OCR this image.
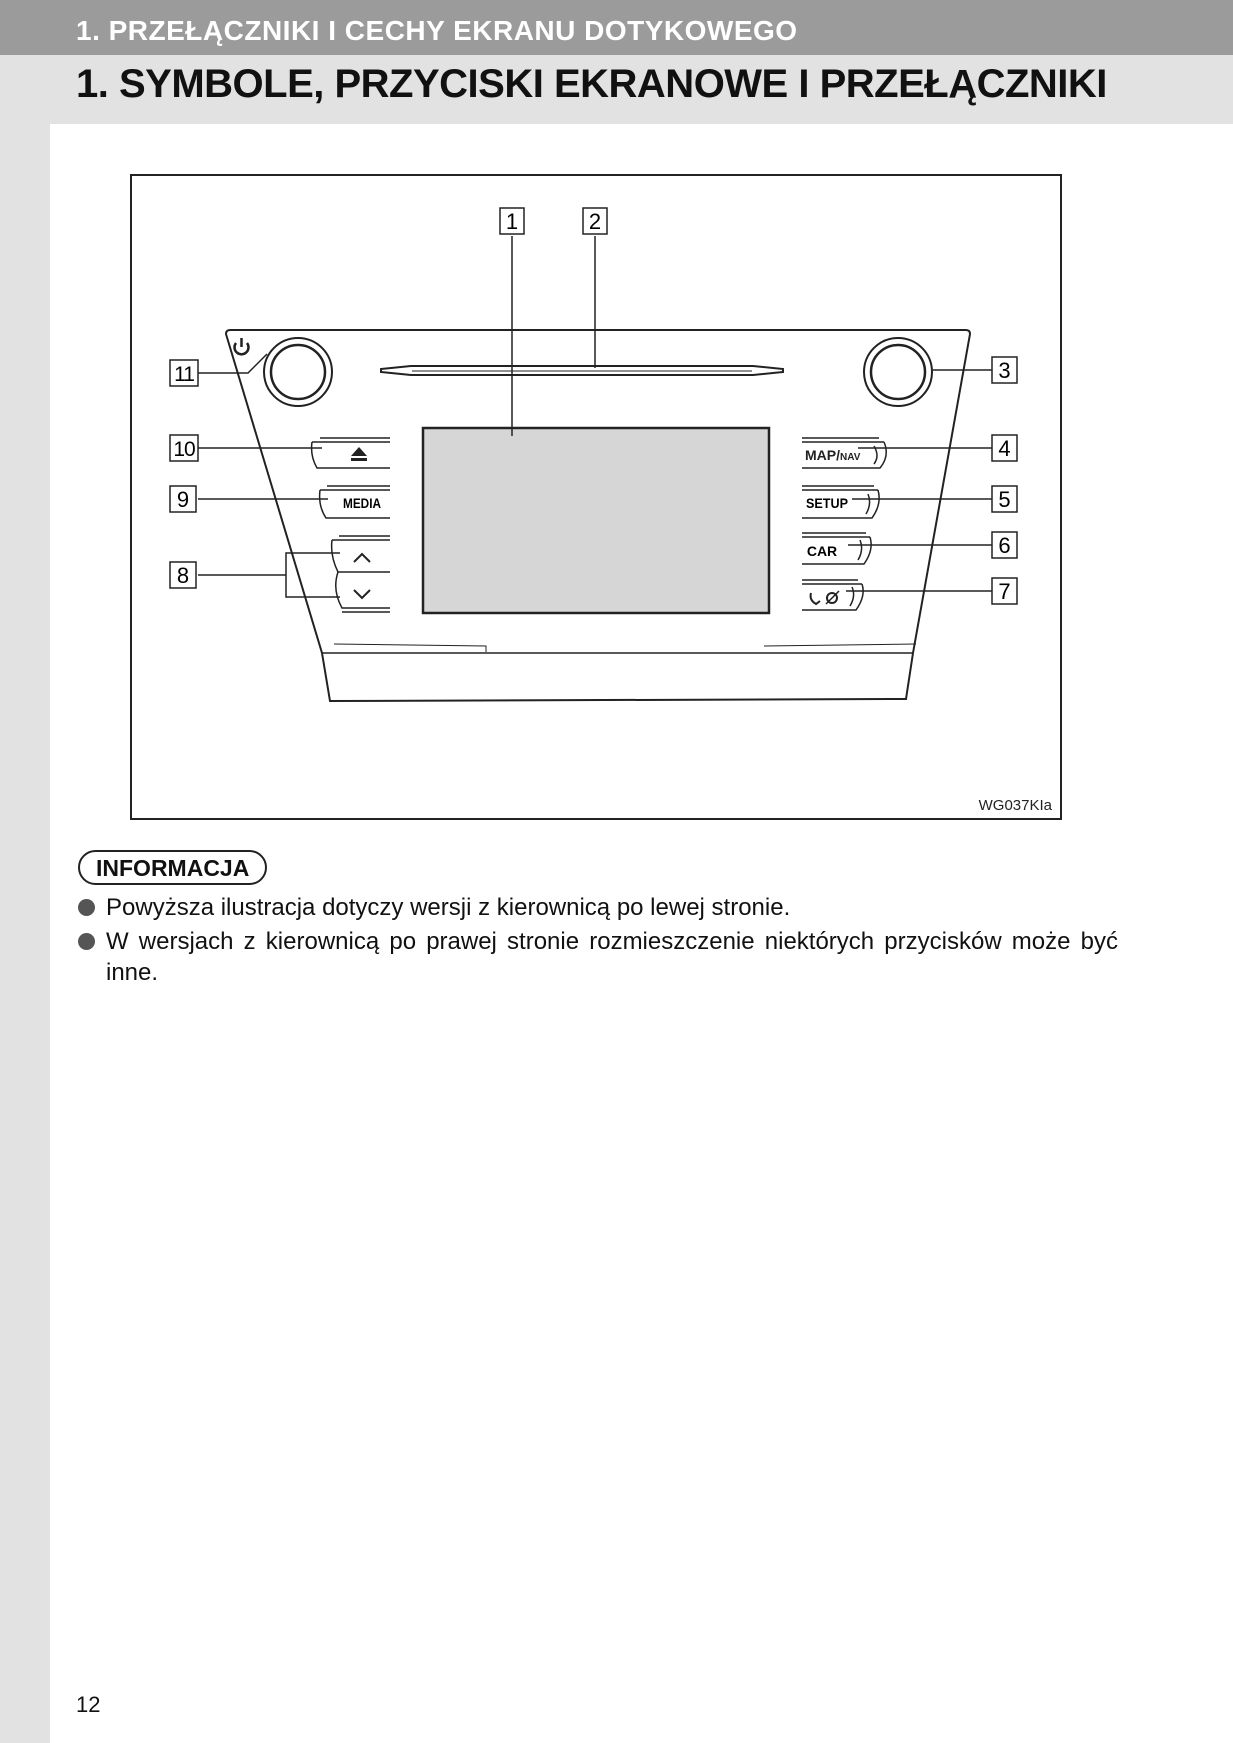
1. PRZEŁĄCZNIKI I CECHY EKRANU DOTYKOWEGO
1. SYMBOLE, PRZYCISKI EKRANOWE I PRZEŁĄCZNIKI
MEDIA
MAP/NAV
SETUP
CAR
1	2
3
4
5
6
7
8
9
10
11
WG037KIa
INFORMACJA
Powyższa ilustracja dotyczy wersji z kierownicą po lewej stronie.
W wersjach z kierownicą po prawej stronie rozmieszczenie niektórych przycisków może być inne.
12
